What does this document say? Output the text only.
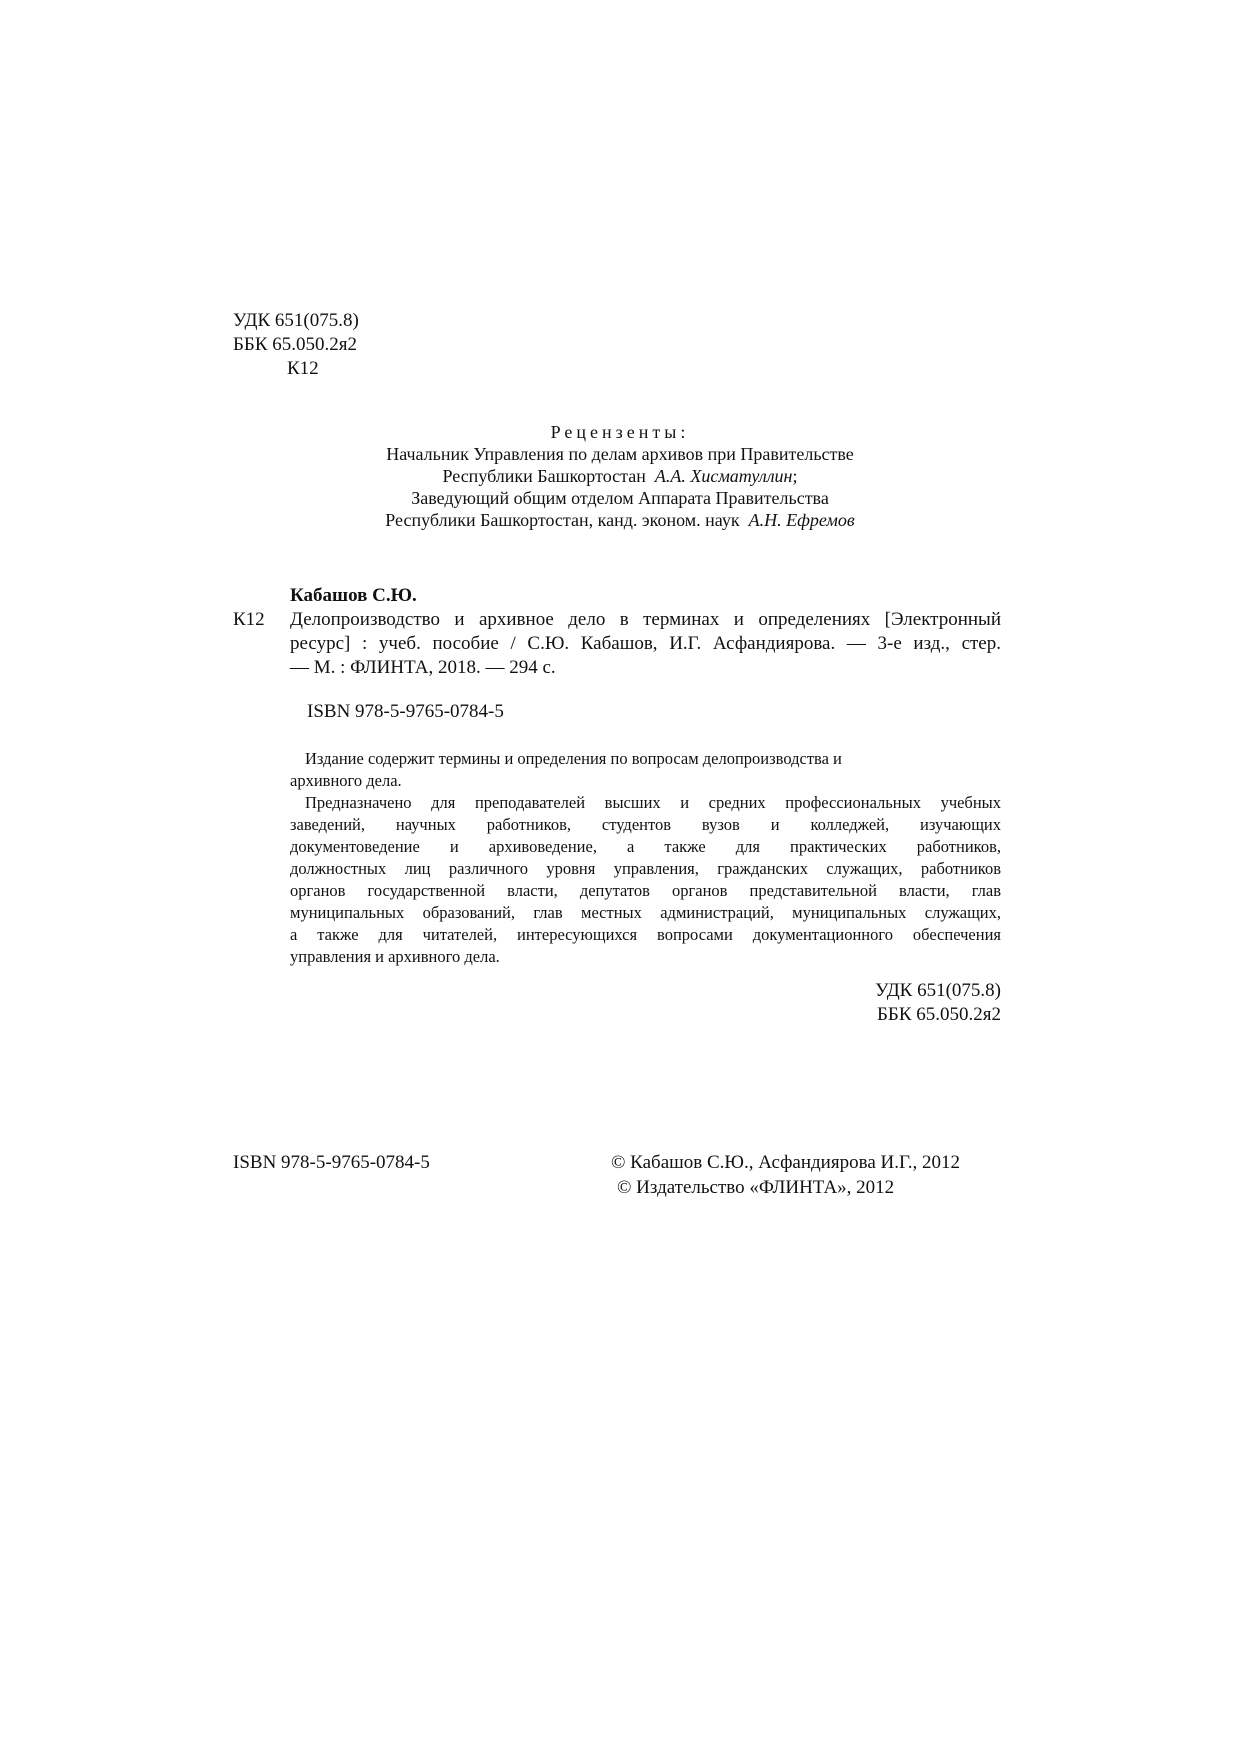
УДК 651(075.8)
ББК 65.050.2я2
К12
Рецензенты:
Начальник Управления по делам архивов при Правительстве
Республики Башкортостан А.А. Хисматуллин;
Заведующий общим отделом Аппарата Правительства
Республики Башкортостан, канд. эконом. наук А.Н. Ефремов
Кабашов С.Ю.
К12 Делопроизводство и архивное дело в терминах и определениях [Электронный
ресурс] : учеб. пособие / С.Ю. Кабашов, И.Г. Асфандиярова. — 3-е изд., стер.
— М. : ФЛИНТА, 2018. — 294 с.
ISBN 978-5-9765-0784-5
Издание содержит термины и определения по вопросам делопроизводства и
архивного дела.
Предназначено для преподавателей высших и средних профессиональных учебных
заведений, научных работников, студентов вузов и колледжей, изучающих
документоведение и архивоведение, а также для практических работников,
должностных лиц различного уровня управления, гражданских служащих, работников
органов государственной власти, депутатов органов представительной власти, глав
муниципальных образований, глав местных администраций, муниципальных служащих,
а также для читателей, интересующихся вопросами документационного обеспечения
управления и архивного дела.
УДК 651(075.8)
ББК 65.050.2я2
ISBN 978-5-9765-0784-5	© Кабашов С.Ю., Асфандиярова И.Г., 2012
© Издательство «ФЛИНТА», 2012
